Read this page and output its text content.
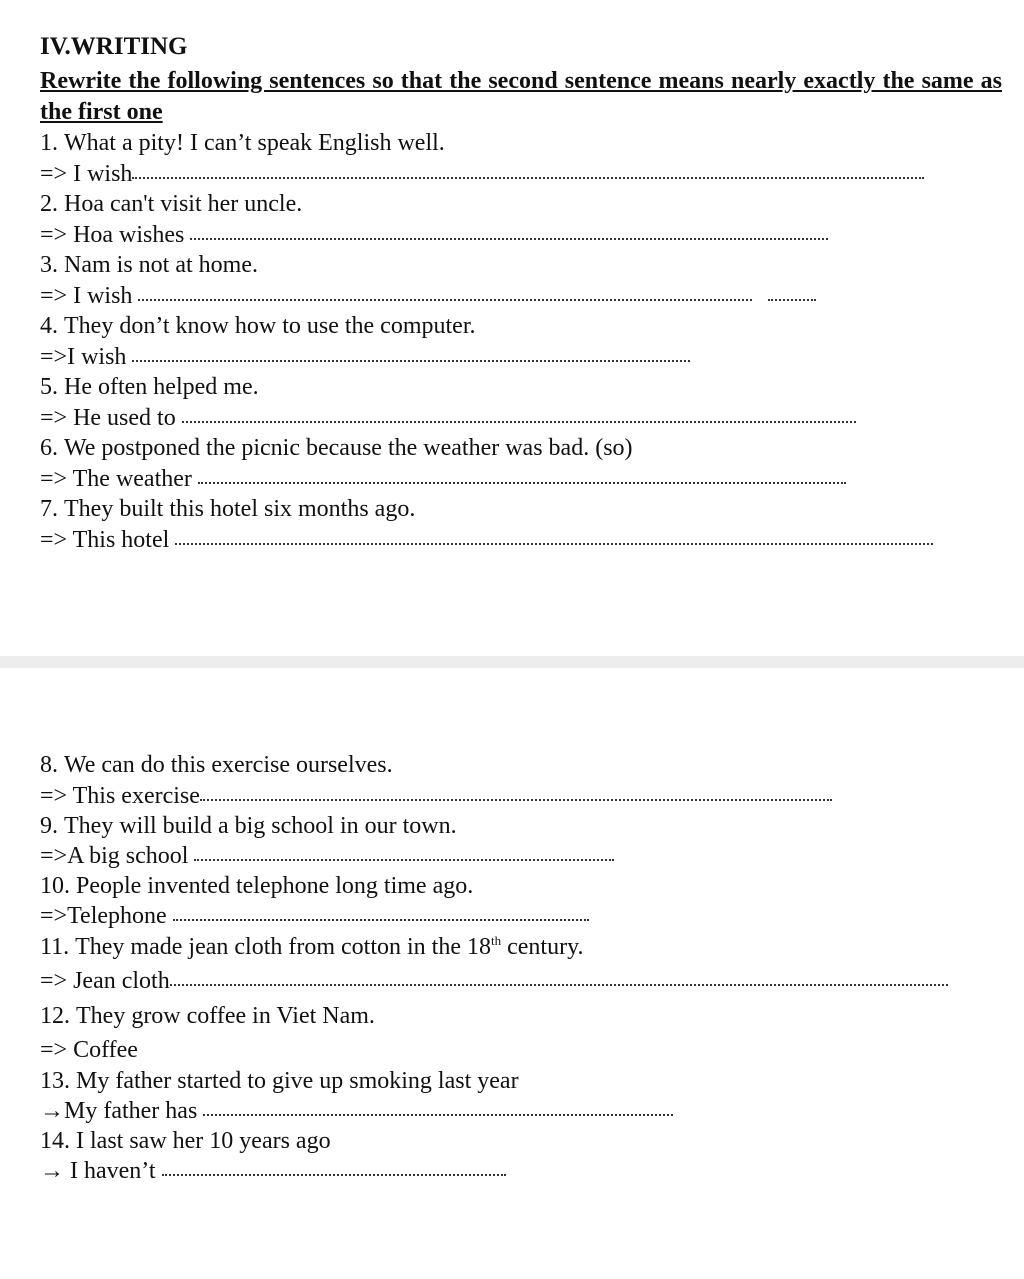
IV.WRITING

Rewrite the following sentences so that the second sentence means nearly exactly the same as the first one

1.
What a pity! I can’t speak English well.
=> I wish
2.
Hoa can't visit her uncle.
=> Hoa wishes
3.
Nam is not at home.
=> I wish
4.
They don’t know how to use the computer.
=>I wish
5.
He often helped me.
=> He used to
6.
We postponed the picnic because the weather was bad. (so)
=> The weather
7.
They built this hotel six months ago.
=> This hotel
8.
We can do this exercise ourselves.
=> This exercise
9.
They will build a big school in our town.
=>A big school
10.
People invented telephone long time ago.
=>Telephone
11.
They made jean cloth from cotton in the 18th century.
=> Jean cloth
12.
They grow coffee in Viet Nam.
=> Coffee
13.
My father started to give up smoking last year
→My father has
14.
I last saw her 10 years ago
→ I haven’t
